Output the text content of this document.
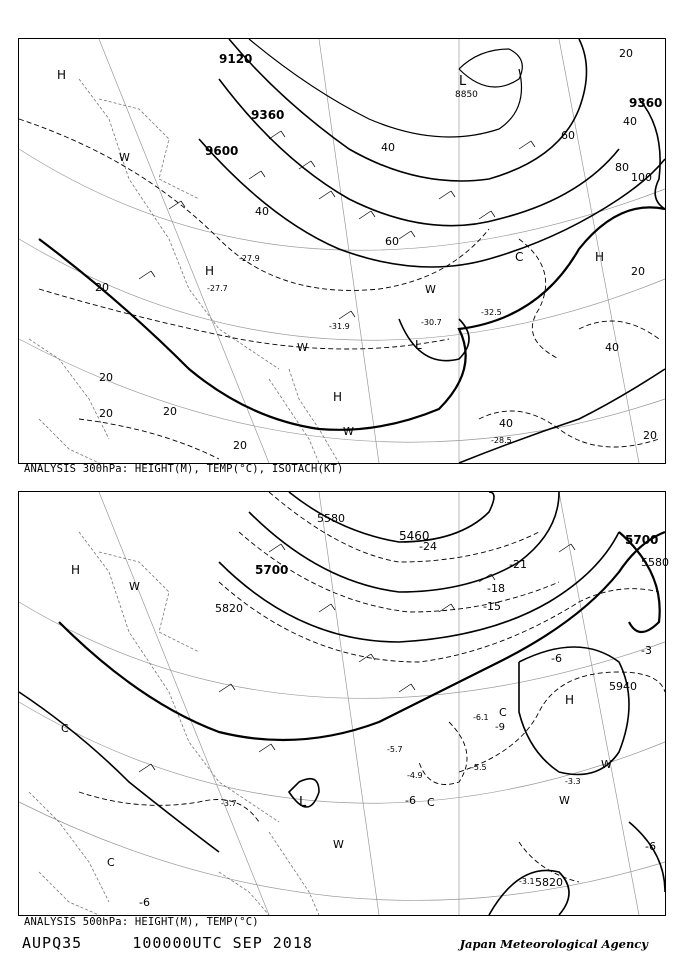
9120
9360
9600
9360
H
H
H
H
L
L
C
W
W
W
W
20
40
60
20
40
60
80
100
20
40
20
20	20
20
40
40
20
8850
-31.9
-32.5
-30.7
-28.5
-27.7
-27.9
ANALYSIS 300hPa: HEIGHT(M), TEMP(°C), ISOTACH(KT)
5580
5460
5700
5820
5700
5580
5940
5820
H
H
L
C
C
C
C
W
W
W
W
-24
-21
-18
-15
-9
-6
-6
-3
-6
-6
-5.7
-4.9
-6.1
-5.5
-3.3
-3.7
-3.1
ANALYSIS 500hPa: HEIGHT(M), TEMP(°C)
AUPQ35	100000UTC SEP 2018	Japan Meteorological Agency
